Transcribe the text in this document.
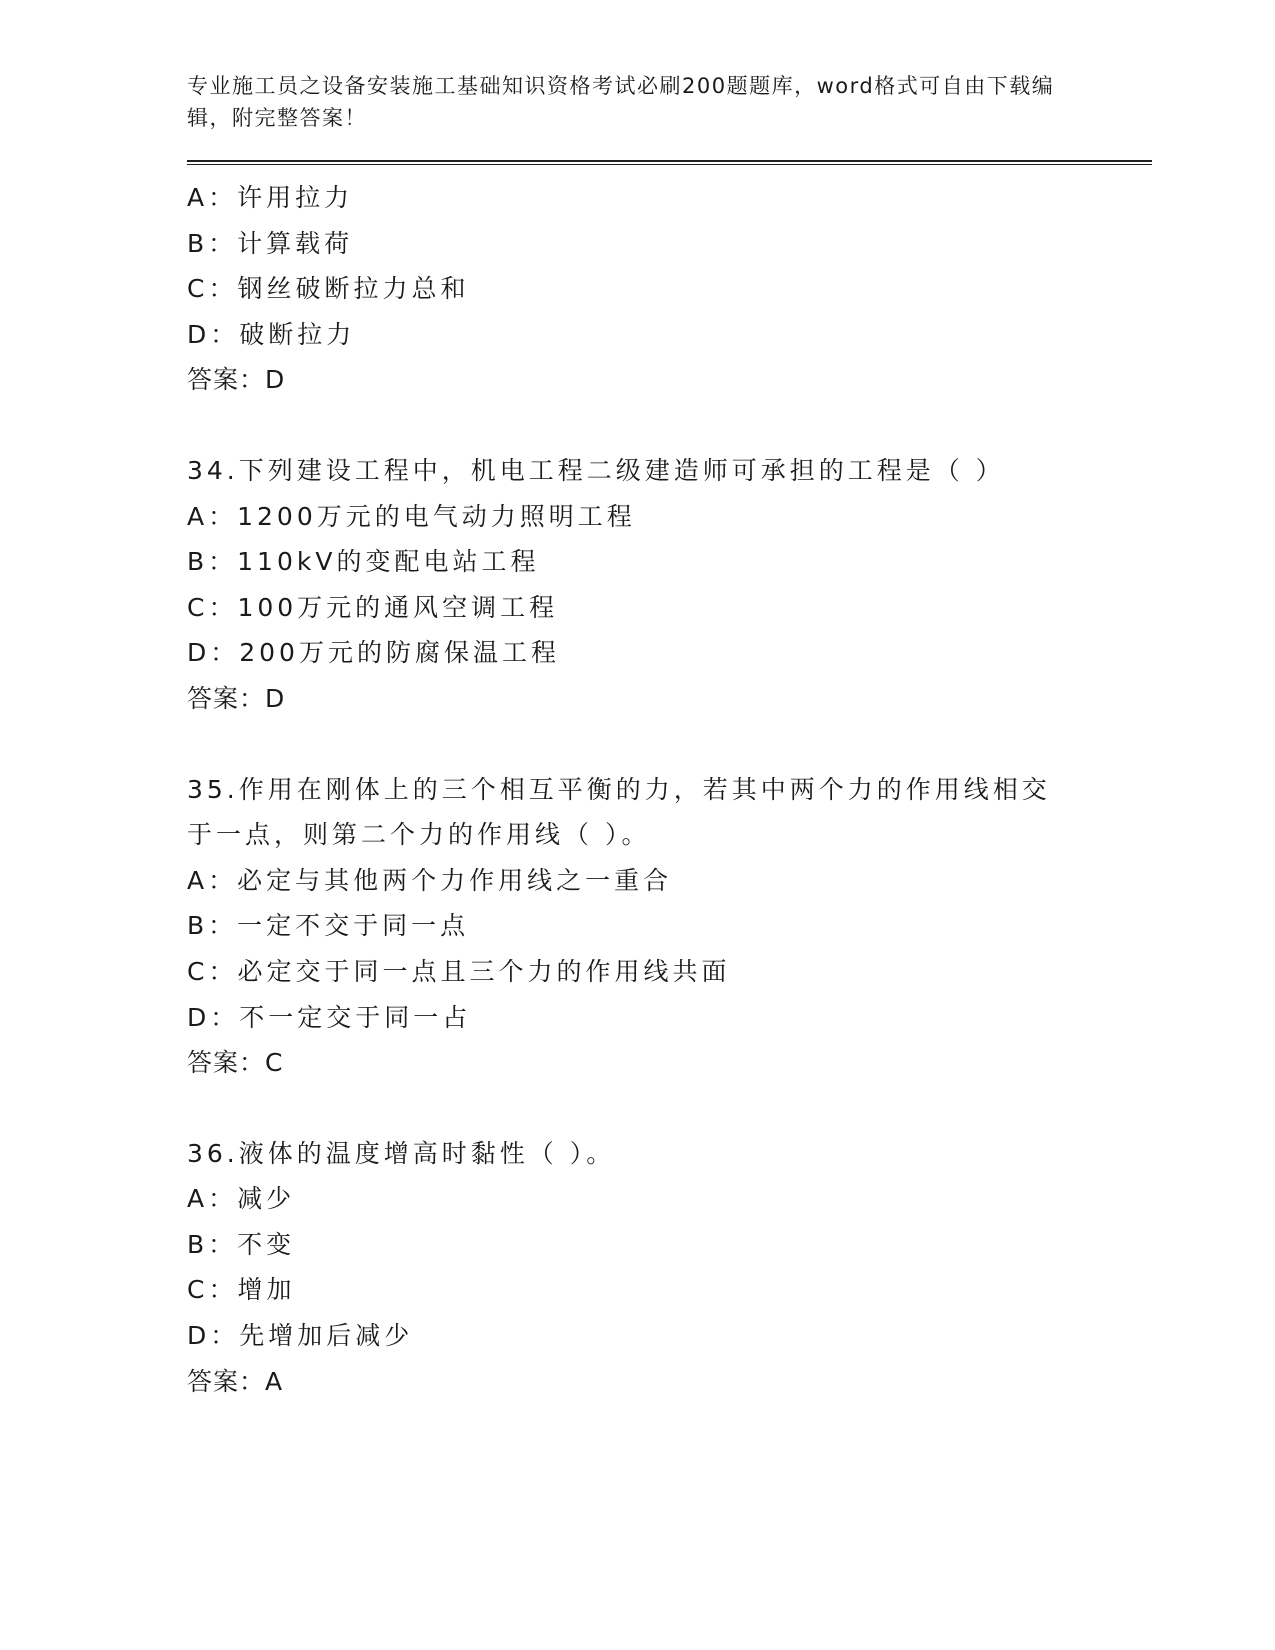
专业施工员之设备安装施工基础知识资格考试必刷200题题库，word格式可自由下载编辑，附完整答案！
A：许用拉力
B：计算载荷
C：钢丝破断拉力总和
D：破断拉力
答案：D
34.下列建设工程中，机电工程二级建造师可承担的工程是（ ）
A：1200万元的电气动力照明工程
B：110kV的变配电站工程
C：100万元的通风空调工程
D：200万元的防腐保温工程
答案：D
35.作用在刚体上的三个相互平衡的力，若其中两个力的作用线相交于一点，则第二个力的作用线（ ）。
A：必定与其他两个力作用线之一重合
B：一定不交于同一点
C：必定交于同一点且三个力的作用线共面
D：不一定交于同一占
答案：C
36.液体的温度增高时黏性（ ）。
A：减少
B：不变
C：增加
D：先增加后减少
答案：A
